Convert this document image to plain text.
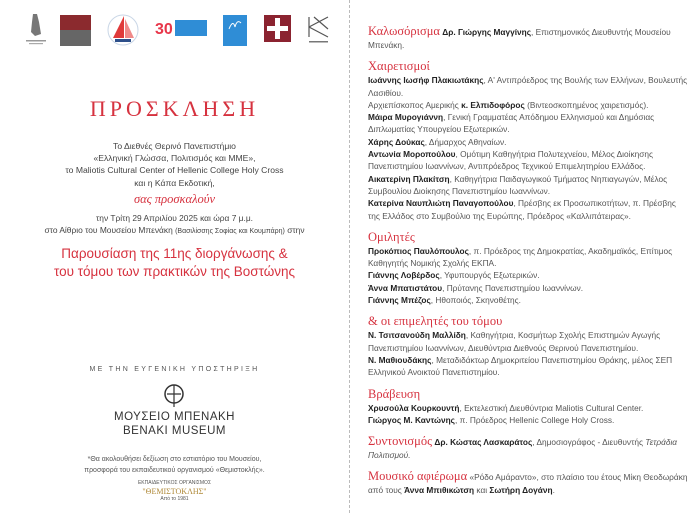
30
ΠΡΟΣΚΛΗΣΗ
Το Διεθνές Θερινό Πανεπιστήμιο
«Ελληνική Γλώσσα, Πολιτισμός και ΜΜΕ»,
το Maliotis Cultural Center of Hellenic College Holy Cross
και η Κάπα Εκδοτική,
σας προσκαλούν
την Τρίτη 29 Απριλίου 2025 και ώρα 7 μ.μ.
στο Αίθριο του Μουσείου Μπενάκη (Βασιλίσσης Σοφίας και Κουμπάρη) στην
Παρουσίαση της 11ης διοργάνωσης &
του τόμου των πρακτικών της Βοστώνης
ΜΕ ΤΗΝ ΕΥΓΕΝΙΚΗ ΥΠΟΣΤΗΡΙΞΗ
ΜΟΥΣΕΙΟ ΜΠΕΝΑΚΗ
BENAKI MUSEUM
*Θα ακολουθήσει δεξίωση στο εστιατόριο του Μουσείου,
προσφορά του εκπαιδευτικού οργανισμού «Θεμιστοκλής».
ΕΚΠΑΙΔΕΥΤΙΚΟΣ ΟΡΓΑΝΙΣΜΟΣ
"ΘΕΜΙΣΤΟΚΛΗΣ"
Από το 1981
Καλωσόρισμα Δρ. Γιώργης Μαγγίνης, Επιστημονικός Διευθυντής Μουσείου Μπενάκη.
Χαιρετισμοί
Ιωάννης Ιωσήφ Πλακιωτάκης, Α' Αντιπρόεδρος της Βουλής των Ελλήνων, Βουλευτής Λασιθίου.
Αρχιεπίσκοπος Αμερικής κ. Ελπιδοφόρος (Βιντεοσκοπημένος χαιρετισμός).
Μάιρα Μυρογιάννη, Γενική Γραμματέας Απόδημου Ελληνισμού και Δημόσιας Διπλωματίας Υπουργείου Εξωτερικών.
Χάρης Δούκας, Δήμαρχος Αθηναίων.
Αντωνία Μοροπούλου, Ομότιμη Καθηγήτρια Πολυτεχνείου, Μέλος Διοίκησης Πανεπιστημίου Ιωαννίνων, Αντιπρόεδρος Τεχνικού Επιμελητηρίου Ελλάδος.
Αικατερίνη Πλακίτση, Καθηγήτρια Παιδαγωγικού Τμήματος Νηπιαγωγών, Μέλος Συμβουλίου Διοίκησης Πανεπιστημίου Ιωαννίνων.
Κατερίνα Ναυπλιώτη Παναγοπούλου, Πρέσβης εκ Προσωπικοτήτων, π. Πρέσβης της Ελλάδος στο Συμβούλιο της Ευρώπης, Πρόεδρος «Καλλιπάτειρας».
Ομιλητές
Προκόπιος Παυλόπουλος, π. Πρόεδρος της Δημοκρατίας, Ακαδημαϊκός, Επίτιμος Καθηγητής Νομικής Σχολής ΕΚΠΑ.
Γιάννης Λοβέρδος, Υφυπουργός Εξωτερικών.
Άννα Μπατιστάτου, Πρύτανης Πανεπιστημίου Ιωαννίνων.
Γιάννης Μπέζος, Ηθοποιός, Σκηνοθέτης.
& οι επιμελητές του τόμου
Ν. Τσιτσανούδη Μαλλίδη, Καθηγήτρια, Κοσμήτωρ Σχολής Επιστημών Αγωγής Πανεπιστημίου Ιωαννίνων, Διευθύντρια Διεθνούς Θερινού Πανεπιστημίου.
Ν. Μαθιουδάκης, Μεταδιδάκτωρ Δημοκριτείου Πανεπιστημίου Θράκης, μέλος ΣΕΠ Ελληνικού Ανοικτού Πανεπιστημίου.
Βράβευση
Χρυσούλα Κουρκουντή, Εκτελεστική Διευθύντρια Maliotis Cultural Center.
Γιώργος Μ. Καντώνης, π. Πρόεδρος Hellenic College Holy Cross.
Συντονισμός Δρ. Κώστας Λασκαράτος, Δημοσιογράφος - Διευθυντής Τετράδια Πολιτισμού.
Μουσικό αφιέρωμα «Ρόδο Αμάραντο», στο πλαίσιο του έτους Μίκη Θεοδωράκη από τους Άννα Μπιθικώτση και Σωτήρη Δογάνη.
